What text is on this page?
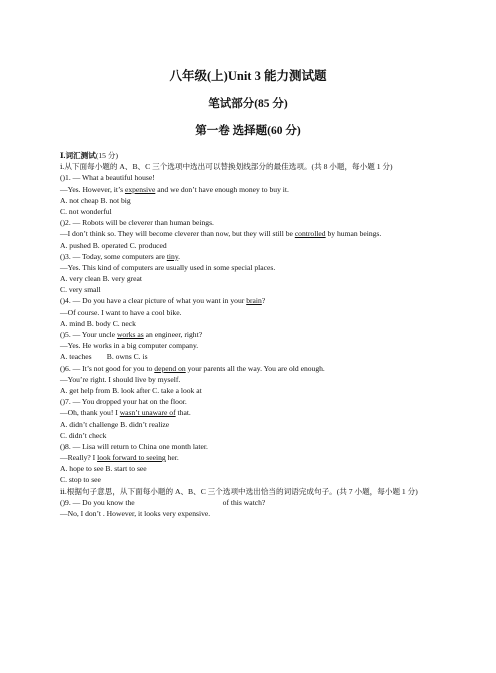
八年级(上)Unit 3 能力测试题
笔试部分(85 分)
第一卷 选择题(60 分)
Ⅰ.词汇测试(15 分)
ⅰ.从下面每小题的 A、B、C 三个选项中选出可以替换划线部分的最佳选项。(共 8 小题，每小题 1 分)
()1. — What a beautiful house!
—Yes. However, it’s expensive and we don’t have enough money to buy it.
A. not cheap B. not big
C. not wonderful
()2. — Robots will be cleverer than human beings.
—I don’t think so. They will become cleverer than now, but they will still be controlled by human beings.
A. pushed B. operated C. produced
()3. — Today, some computers are tiny.
—Yes. This kind of computers are usually used in some special places.
A. very clean B. very great
C. very small
()4. — Do you have a clear picture of what you want in your brain?
—Of course. I want to have a cool bike.
A. mind B. body C. neck
()5. — Your uncle works as an engineer, right?
—Yes. He works in a big computer company.
A. teaches        B. owns C. is
()6. — It’s not good for you to depend on your parents all the way. You are old enough.
—You’re right. I should live by myself.
A. get help from B. look after C. take a look at
()7. — You dropped your hat on the floor.
—Oh, thank you! I wasn’t unaware of that.
A. didn’t challenge B. didn’t realize
C. didn’t check
()8. — Lisa will return to China one month later.
—Really? I look forward to seeing her.
A. hope to see B. start to see
C. stop to see
ⅱ.根据句子意思，从下面每小题的 A、B、C 三个选项中选出恰当的词语完成句子。(共 7 小题，每小题 1 分)
()9. — Do you know the	of this watch?
—No, I don’t . However, it looks very expensive.
